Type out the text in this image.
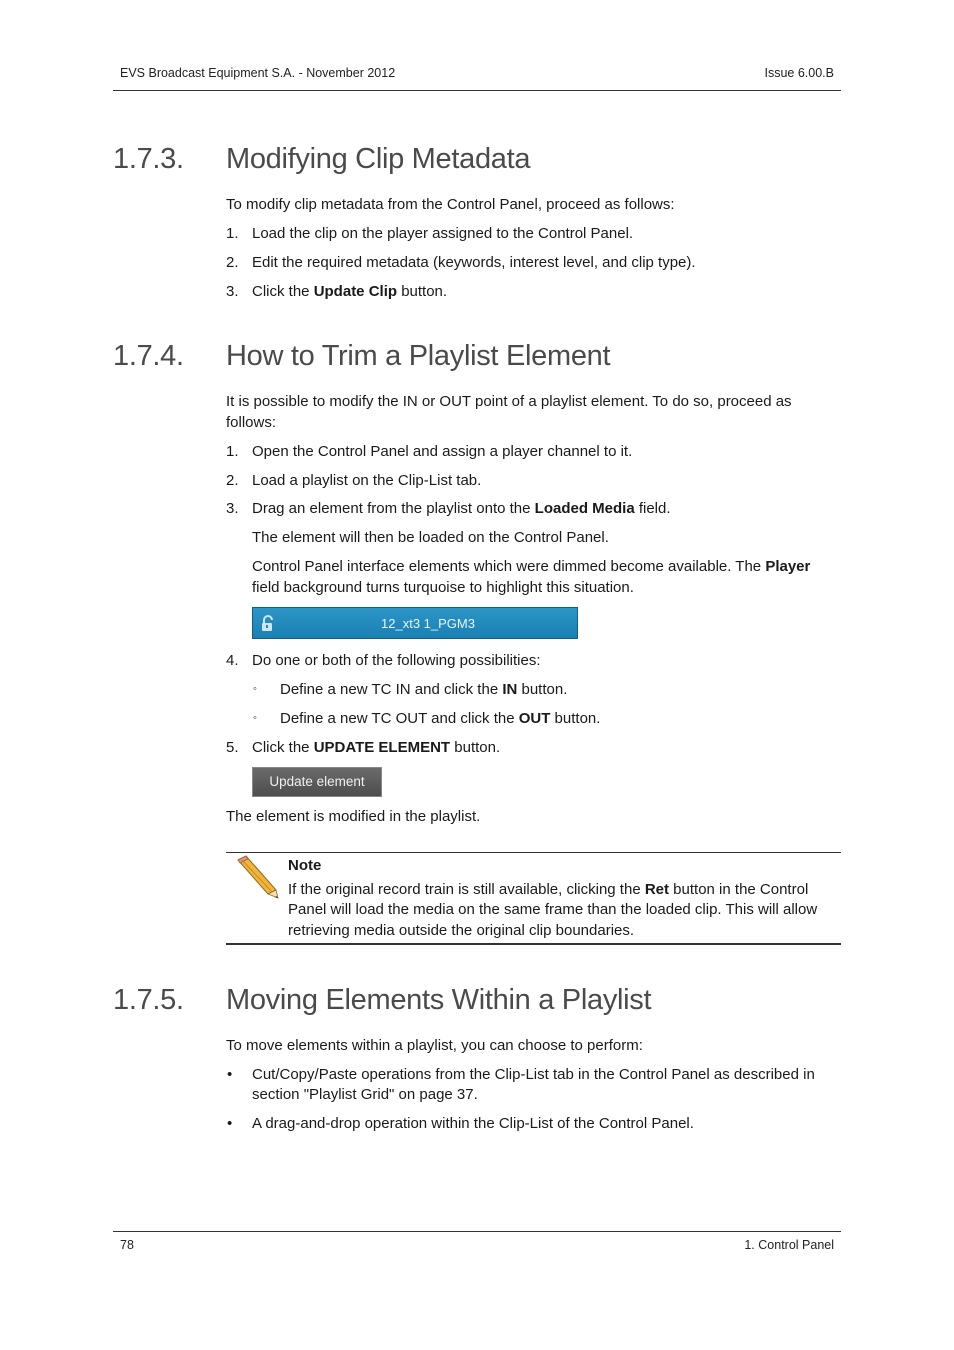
EVS Broadcast Equipment S.A. - November 2012	Issue 6.00.B
1.7.3. Modifying Clip Metadata
To modify clip metadata from the Control Panel, proceed as follows:
1. Load the clip on the player assigned to the Control Panel.
2. Edit the required metadata (keywords, interest level, and clip type).
3. Click the Update Clip button.
1.7.4. How to Trim a Playlist Element
It is possible to modify the IN or OUT point of a playlist element. To do so, proceed as
follows:
1. Open the Control Panel and assign a player channel to it.
2. Load a playlist on the Clip-List tab.
3. Drag an element from the playlist onto the Loaded Media field.
The element will then be loaded on the Control Panel.
Control Panel interface elements which were dimmed become available. The Player
field background turns turquoise to highlight this situation.
12_xt3 1_PGM3
4. Do one or both of the following possibilities:
◦ Define a new TC IN and click the IN button.
◦ Define a new TC OUT and click the OUT button.
5. Click the UPDATE ELEMENT button.
Update element
The element is modified in the playlist.
Note
If the original record train is still available, clicking the Ret button in the Control
Panel will load the media on the same frame than the loaded clip. This will allow
retrieving media outside the original clip boundaries.
1.7.5. Moving Elements Within a Playlist
To move elements within a playlist, you can choose to perform:
• Cut/Copy/Paste operations from the Clip-List tab in the Control Panel as described in
section "Playlist Grid" on page 37.
• A drag-and-drop operation within the Clip-List of the Control Panel.
78	1. Control Panel
